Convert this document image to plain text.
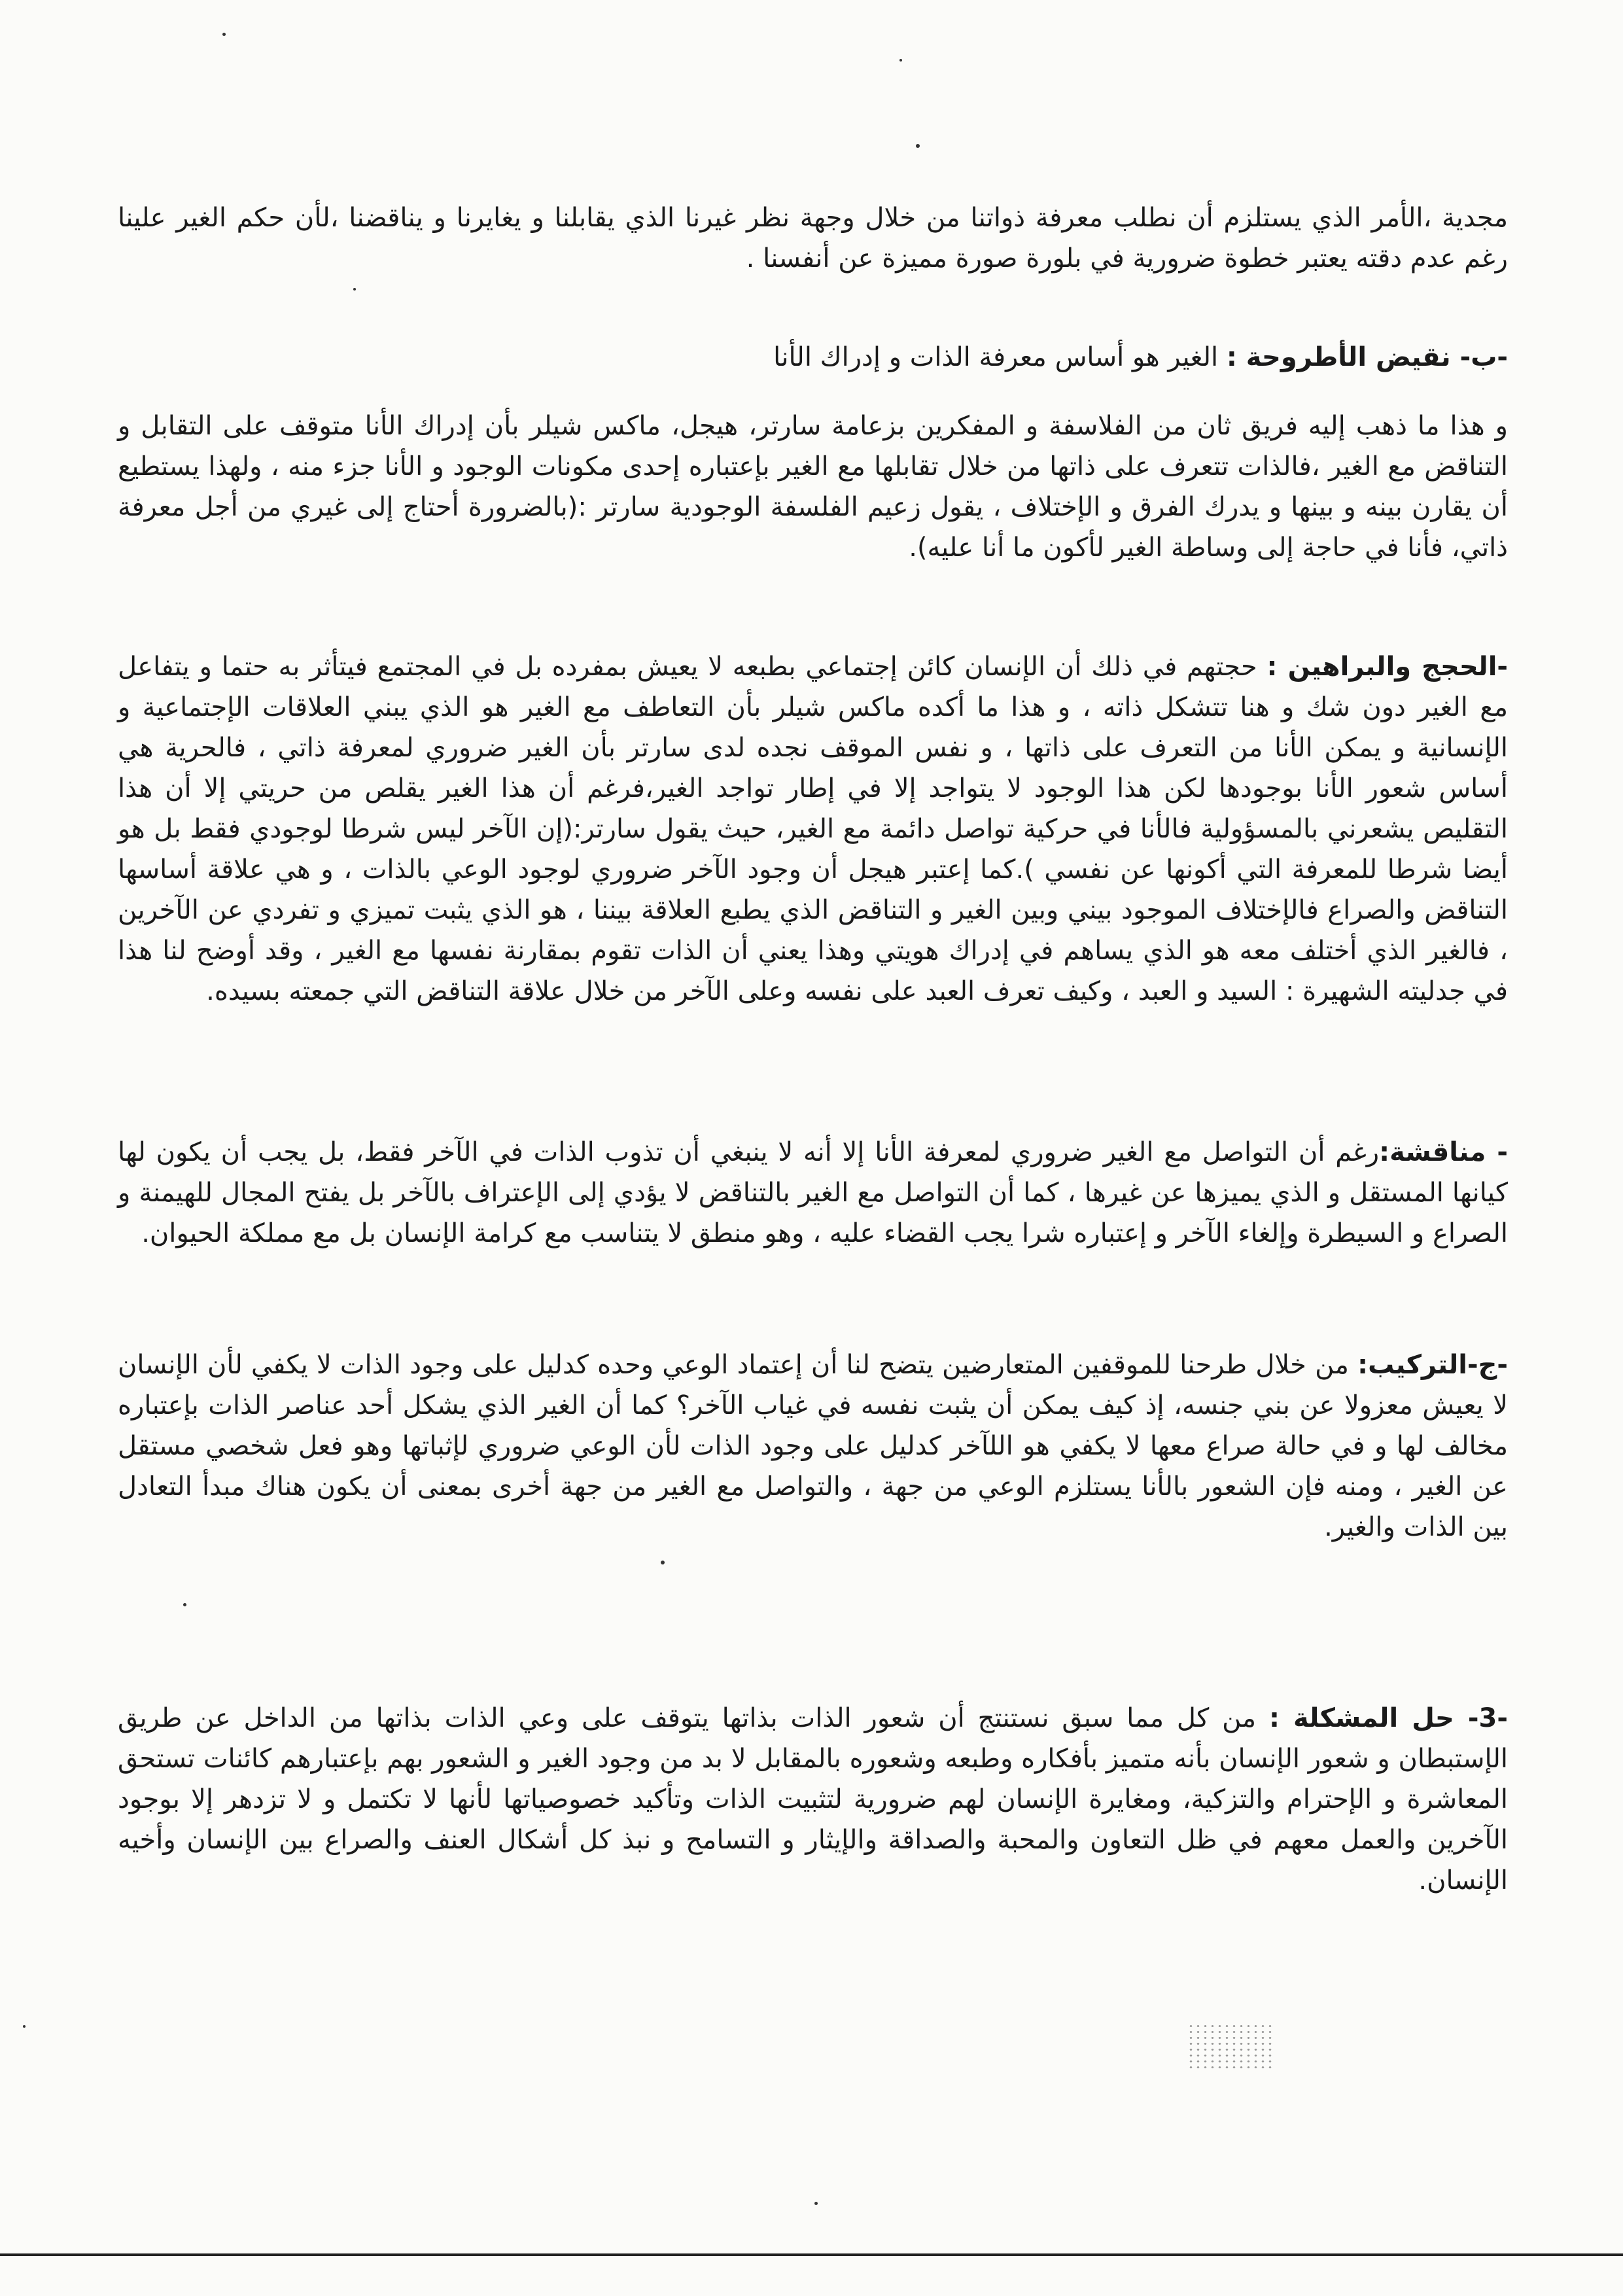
مجدية ،الأمر الذي يستلزم أن نطلب معرفة ذواتنا من خلال وجهة نظر غيرنا الذي يقابلنا و يغايرنا و يناقضنا ،لأن حكم الغير علينا رغم عدم دقته يعتبر خطوة ضرورية في بلورة صورة مميزة عن أنفسنا .

-ب- نقيض الأطروحة : الغير هو أساس معرفة الذات و إدراك الأنا

و هذا ما ذهب إليه فريق ثان من الفلاسفة و المفكرين بزعامة سارتر، هيجل، ماكس شيلر بأن إدراك الأنا متوقف على التقابل و التناقض مع الغير ،فالذات تتعرف على ذاتها من خلال تقابلها مع الغير بإعتباره إحدى مكونات الوجود و الأنا جزء منه ، ولهذا يستطيع أن يقارن بينه و بينها و يدرك الفرق و الإختلاف ، يقول زعيم الفلسفة الوجودية سارتر :(بالضرورة أحتاج إلى غيري من أجل معرفة ذاتي، فأنا في حاجة إلى وساطة الغير لأكون ما أنا عليه).

-الحجج والبراهين : حجتهم في ذلك أن الإنسان كائن إجتماعي بطبعه لا يعيش بمفرده بل في المجتمع فيتأثر به حتما و يتفاعل مع الغير دون شك و هنا تتشكل ذاته ، و هذا ما أكده ماكس شيلر بأن التعاطف مع الغير هو الذي يبني العلاقات الإجتماعية و الإنسانية و يمكن الأنا من التعرف على ذاتها ، و نفس الموقف نجده لدى سارتر بأن الغير ضروري لمعرفة ذاتي ، فالحرية هي أساس شعور الأنا بوجودها لكن هذا الوجود لا يتواجد إلا في إطار تواجد الغير،فرغم أن هذا الغير يقلص من حريتي إلا أن هذا التقليص يشعرني بالمسؤولية فالأنا في حركية تواصل دائمة مع الغير، حيث يقول سارتر:(إن الآخر ليس شرطا لوجودي فقط بل هو أيضا شرطا للمعرفة التي أكونها عن نفسي ).كما إعتبر هيجل أن وجود الآخر ضروري لوجود الوعي بالذات ، و هي علاقة أساسها التناقض والصراع فالإختلاف الموجود بيني وبين الغير و التناقض الذي يطبع العلاقة بيننا ، هو الذي يثبت تميزي و تفردي عن الآخرين ، فالغير الذي أختلف معه هو الذي يساهم في إدراك هويتي وهذا يعني أن الذات تقوم بمقارنة نفسها مع الغير ، وقد أوضح لنا هذا في جدليته الشهيرة : السيد و العبد ، وكيف تعرف العبد على نفسه وعلى الآخر من خلال علاقة التناقض التي جمعته بسيده.

- مناقشة:رغم أن التواصل مع الغير ضروري لمعرفة الأنا إلا أنه لا ينبغي أن تذوب الذات في الآخر فقط، بل يجب أن يكون لها كيانها المستقل و الذي يميزها عن غيرها ، كما أن التواصل مع الغير بالتناقض لا يؤدي إلى الإعتراف بالآخر بل يفتح المجال للهيمنة و الصراع و السيطرة وإلغاء الآخر و إعتباره شرا يجب القضاء عليه ، وهو منطق لا يتناسب مع كرامة الإنسان بل مع مملكة الحيوان.

-ج-التركيب: من خلال طرحنا للموقفين المتعارضين يتضح لنا أن إعتماد الوعي وحده كدليل على وجود الذات لا يكفي لأن الإنسان لا يعيش معزولا عن بني جنسه، إذ كيف يمكن أن يثبت نفسه في غياب الآخر؟ كما أن الغير الذي يشكل أحد عناصر الذات بإعتباره مخالف لها و في حالة صراع معها لا يكفي هو اللآخر كدليل على وجود الذات لأن الوعي ضروري لإثباتها وهو فعل شخصي مستقل عن الغير ، ومنه فإن الشعور بالأنا يستلزم الوعي من جهة ، والتواصل مع الغير من جهة أخرى بمعنى أن يكون هناك مبدأ التعادل بين الذات والغير.

-3- حل المشكلة : من كل مما سبق نستنتج أن شعور الذات بذاتها يتوقف على وعي الذات بذاتها من الداخل عن طريق الإستبطان و شعور الإنسان بأنه متميز بأفكاره وطبعه وشعوره بالمقابل لا بد من وجود الغير و الشعور بهم بإعتبارهم كائنات تستحق المعاشرة و الإحترام والتزكية، ومغايرة الإنسان لهم ضرورية لتثبيت الذات وتأكيد خصوصياتها لأنها لا تكتمل و لا تزدهر إلا بوجود الآخرين والعمل معهم في ظل التعاون والمحبة والصداقة والإيثار و التسامح و نبذ كل أشكال العنف والصراع بين الإنسان وأخيه الإنسان.
